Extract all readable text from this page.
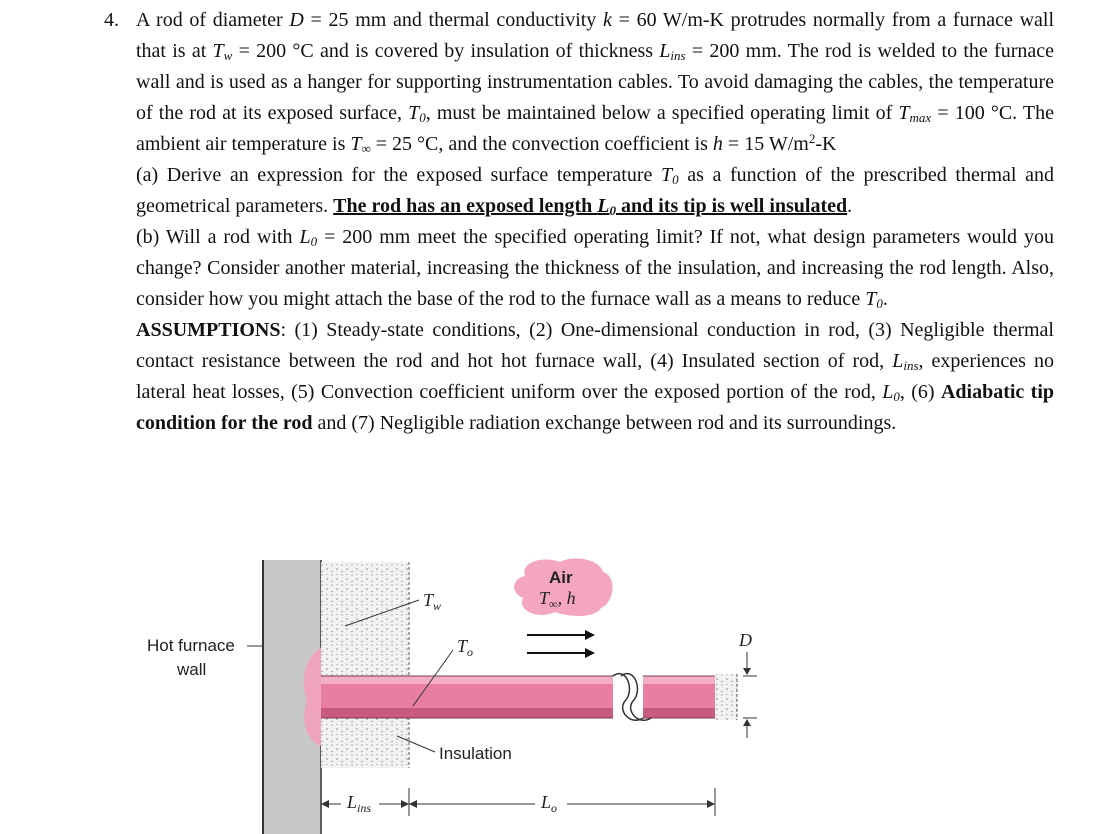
4. A rod of diameter D = 25 mm and thermal conductivity k = 60 W/m-K protrudes normally from a furnace wall that is at $T_w = 200$ °C and is covered by insulation of thickness $L_{ins} = 200$ mm. The rod is welded to the furnace wall and is used as a hanger for supporting instrumentation cables. To avoid damaging the cables, the temperature of the rod at its exposed surface, $T_0$, must be maintained below a specified operating limit of $T_{max} = 100$ °C. The ambient air temperature is $T_\infty = 25$ °C, and the convection coefficient is h = 15 $W/m^2-K$
(a) Derive an expression for the exposed surface temperature $T_0$ as a function of the prescribed thermal and geometrical parameters. The rod has an exposed length $L_0$ and its tip is well insulated.
(b) Will a rod with $L_0 = 200$ mm meet the specified operating limit? If not, what design parameters would you change? Consider another material, increasing the thickness of the insulation, and increasing the rod length. Also, consider how you might attach the base of the rod to the furnace wall as a means to reduce $T_0$.
ASSUMPTIONS: (1) Steady-state conditions, (2) One-dimensional conduction in rod, (3) Negligible thermal contact resistance between the rod and hot hot furnace wall, (4) Insulated section of rod, $L_{ins}$, experiences no lateral heat losses, (5) Convection coefficient uniform over the exposed portion of the rod, $L_0$, (6) Adiabatic tip condition for the rod and (7) Negligible radiation exchange between rod and its surroundings.
Hot furnace
wall
Air
$T_\infty$, h
$T_w$
$T_o$
D
Insulation
$L_{ins}$	$L_o$
